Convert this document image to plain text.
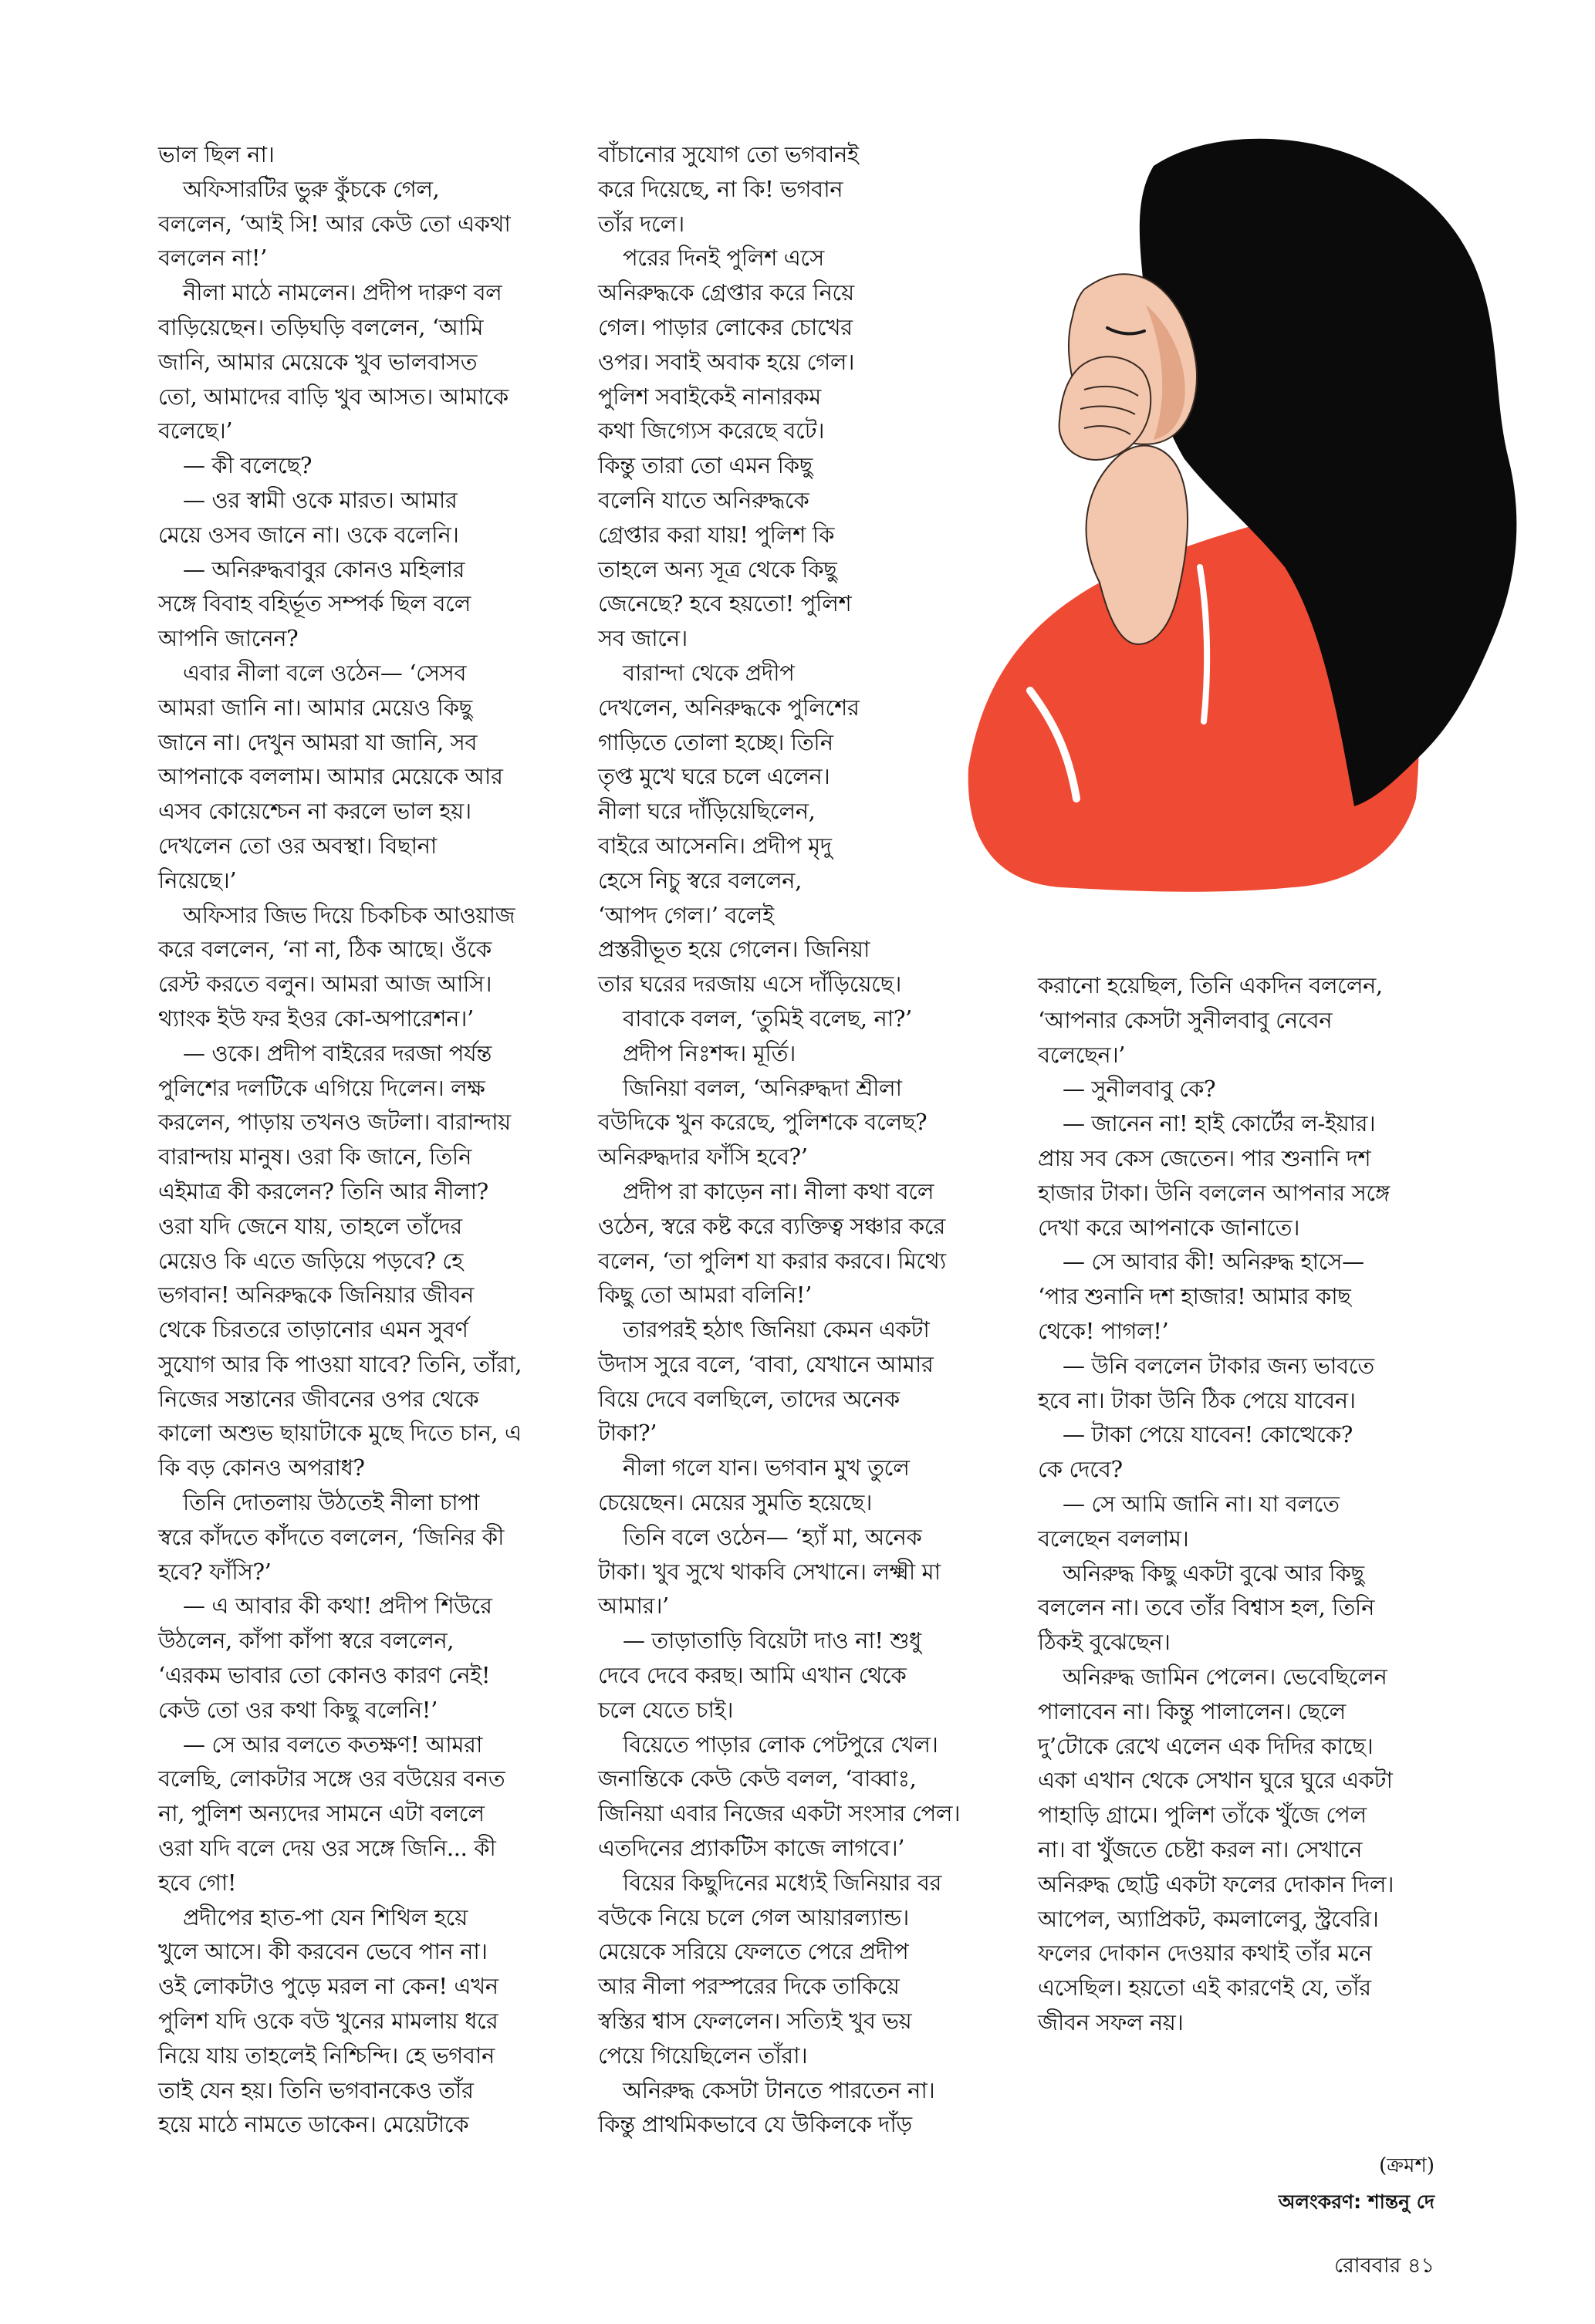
ভাল ছিল না।

অফিসারটির ভুরু কুঁচকে গেল,

বললেন, ‘আই সি! আর কেউ তো একথা

বললেন না!’

নীলা মাঠে নামলেন। প্রদীপ দারুণ বল

বাড়িয়েছেন। তড়িঘড়ি বললেন, ‘আমি

জানি, আমার মেয়েকে খুব ভালবাসত

তো, আমাদের বাড়ি খুব আসত। আমাকে

বলেছে।’

— কী বলেছে?

— ওর স্বামী ওকে মারত। আমার

মেয়ে ওসব জানে না। ওকে বলেনি।

— অনিরুদ্ধবাবুর কোনও মহিলার

সঙ্গে বিবাহ বহির্ভূত সম্পর্ক ছিল বলে

আপনি জানেন?

এবার নীলা বলে ওঠেন— ‘সেসব

আমরা জানি না। আমার মেয়েও কিছু

জানে না। দেখুন আমরা যা জানি, সব

আপনাকে বললাম। আমার মেয়েকে আর

এসব কোয়েশ্চেন না করলে ভাল হয়।

দেখলেন তো ওর অবস্থা। বিছানা

নিয়েছে।’

অফিসার জিভ দিয়ে চিকচিক আওয়াজ

করে বললেন, ‘না না, ঠিক আছে। ওঁকে

রেস্ট করতে বলুন। আমরা আজ আসি।

থ্যাংক ইউ ফর ইওর কো-অপারেশন।’

— ওকে। প্রদীপ বাইরের দরজা পর্যন্ত

পুলিশের দলটিকে এগিয়ে দিলেন। লক্ষ

করলেন, পাড়ায় তখনও জটলা। বারান্দায়

বারান্দায় মানুষ। ওরা কি জানে, তিনি

এইমাত্র কী করলেন? তিনি আর নীলা?

ওরা যদি জেনে যায়, তাহলে তাঁদের

মেয়েও কি এতে জড়িয়ে পড়বে? হে

ভগবান! অনিরুদ্ধকে জিনিয়ার জীবন

থেকে চিরতরে তাড়ানোর এমন সুবর্ণ

সুযোগ আর কি পাওয়া যাবে? তিনি, তাঁরা,

নিজের সন্তানের জীবনের ওপর থেকে

কালো অশুভ ছায়াটাকে মুছে দিতে চান, এ

কি বড় কোনও অপরাধ?

তিনি দোতলায় উঠতেই নীলা চাপা

স্বরে কাঁদতে কাঁদতে বললেন, ‘জিনির কী

হবে? ফাঁসি?’

— এ আবার কী কথা! প্রদীপ শিউরে

উঠলেন, কাঁপা কাঁপা স্বরে বললেন,

‘এরকম ভাবার তো কোনও কারণ নেই!

কেউ তো ওর কথা কিছু বলেনি!’

— সে আর বলতে কতক্ষণ! আমরা

বলেছি, লোকটার সঙ্গে ওর বউয়ের বনত

না, পুলিশ অন্যদের সামনে এটা বললে

ওরা যদি বলে দেয় ওর সঙ্গে জিনি... কী

হবে গো!

প্রদীপের হাত-পা যেন শিথিল হয়ে

খুলে আসে। কী করবেন ভেবে পান না।

ওই লোকটাও পুড়ে মরল না কেন! এখন

পুলিশ যদি ওকে বউ খুনের মামলায় ধরে

নিয়ে যায় তাহলেই নিশ্চিন্দি। হে ভগবান

তাই যেন হয়। তিনি ভগবানকেও তাঁর

হয়ে মাঠে নামতে ডাকেন। মেয়েটাকে

বাঁচানোর সুযোগ তো ভগবানই

করে দিয়েছে, না কি! ভগবান

তাঁর দলে।

পরের দিনই পুলিশ এসে

অনিরুদ্ধকে গ্রেপ্তার করে নিয়ে

গেল। পাড়ার লোকের চোখের

ওপর। সবাই অবাক হয়ে গেল।

পুলিশ সবাইকেই নানারকম

কথা জিগ্যেস করেছে বটে।

কিন্তু তারা তো এমন কিছু

বলেনি যাতে অনিরুদ্ধকে

গ্রেপ্তার করা যায়! পুলিশ কি

তাহলে অন্য সূত্র থেকে কিছু

জেনেছে? হবে হয়তো! পুলিশ

সব জানে।

বারান্দা থেকে প্রদীপ

দেখলেন, অনিরুদ্ধকে পুলিশের

গাড়িতে তোলা হচ্ছে। তিনি

তৃপ্ত মুখে ঘরে চলে এলেন।

নীলা ঘরে দাঁড়িয়েছিলেন,

বাইরে আসেননি। প্রদীপ মৃদু

হেসে নিচু স্বরে বললেন,

‘আপদ গেল।’ বলেই

প্রস্তরীভূত হয়ে গেলেন। জিনিয়া

তার ঘরের দরজায় এসে দাঁড়িয়েছে।

বাবাকে বলল, ‘তুমিই বলেছ, না?’

প্রদীপ নিঃশব্দ। মূর্তি।

জিনিয়া বলল, ‘অনিরুদ্ধদা শ্রীলা

বউদিকে খুন করেছে, পুলিশকে বলেছ?

অনিরুদ্ধদার ফাঁসি হবে?’

প্রদীপ রা কাড়েন না। নীলা কথা বলে

ওঠেন, স্বরে কষ্ট করে ব্যক্তিত্ব সঞ্চার করে

বলেন, ‘তা পুলিশ যা করার করবে। মিথ্যে

কিছু তো আমরা বলিনি!’

তারপরই হঠাৎ জিনিয়া কেমন একটা

উদাস সুরে বলে, ‘বাবা, যেখানে আমার

বিয়ে দেবে বলছিলে, তাদের অনেক

টাকা?’

নীলা গলে যান। ভগবান মুখ তুলে

চেয়েছেন। মেয়ের সুমতি হয়েছে।

তিনি বলে ওঠেন— ‘হ্যাঁ মা, অনেক

টাকা। খুব সুখে থাকবি সেখানে। লক্ষ্মী মা

আমার।’

— তাড়াতাড়ি বিয়েটা দাও না! শুধু

দেবে দেবে করছ। আমি এখান থেকে

চলে যেতে চাই।

বিয়েতে পাড়ার লোক পেটপুরে খেল।

জনান্তিকে কেউ কেউ বলল, ‘বাব্বাঃ,

জিনিয়া এবার নিজের একটা সংসার পেল।

এতদিনের প্র্যাকটিস কাজে লাগবে।’

বিয়ের কিছুদিনের মধ্যেই জিনিয়ার বর

বউকে নিয়ে চলে গেল আয়ারল্যান্ড।

মেয়েকে সরিয়ে ফেলতে পেরে প্রদীপ

আর নীলা পরস্পরের দিকে তাকিয়ে

স্বস্তির শ্বাস ফেললেন। সত্যিই খুব ভয়

পেয়ে গিয়েছিলেন তাঁরা।

অনিরুদ্ধ কেসটা টানতে পারতেন না।

কিন্তু প্রাথমিকভাবে যে উকিলকে দাঁড়

করানো হয়েছিল, তিনি একদিন বললেন,

‘আপনার কেসটা সুনীলবাবু নেবেন

বলেছেন।’

— সুনীলবাবু কে?

— জানেন না! হাই কোর্টের ল-ইয়ার।

প্রায় সব কেস জেতেন। পার শুনানি দশ

হাজার টাকা। উনি বললেন আপনার সঙ্গে

দেখা করে আপনাকে জানাতে।

— সে আবার কী! অনিরুদ্ধ হাসে—

‘পার শুনানি দশ হাজার! আমার কাছ

থেকে! পাগল!’

— উনি বললেন টাকার জন্য ভাবতে

হবে না। টাকা উনি ঠিক পেয়ে যাবেন।

— টাকা পেয়ে যাবেন! কোত্থেকে?

কে দেবে?

— সে আমি জানি না। যা বলতে

বলেছেন বললাম।

অনিরুদ্ধ কিছু একটা বুঝে আর কিছু

বললেন না। তবে তাঁর বিশ্বাস হল, তিনি

ঠিকই বুঝেছেন।

অনিরুদ্ধ জামিন পেলেন। ভেবেছিলেন

পালাবেন না। কিন্তু পালালেন। ছেলে

দু’টোকে রেখে এলেন এক দিদির কাছে।

একা এখান থেকে সেখান ঘুরে ঘুরে একটা

পাহাড়ি গ্রামে। পুলিশ তাঁকে খুঁজে পেল

না। বা খুঁজতে চেষ্টা করল না। সেখানে

অনিরুদ্ধ ছোট্ট একটা ফলের দোকান দিল।

আপেল, অ্যাপ্রিকট, কমলালেবু, স্ট্রবেরি।

ফলের দোকান দেওয়ার কথাই তাঁর মনে

এসেছিল। হয়তো এই কারণেই যে, তাঁর

জীবন সফল নয়।

(ক্রমশ)
অলংকরণ: শান্তনু দে
রোববার ৪১
